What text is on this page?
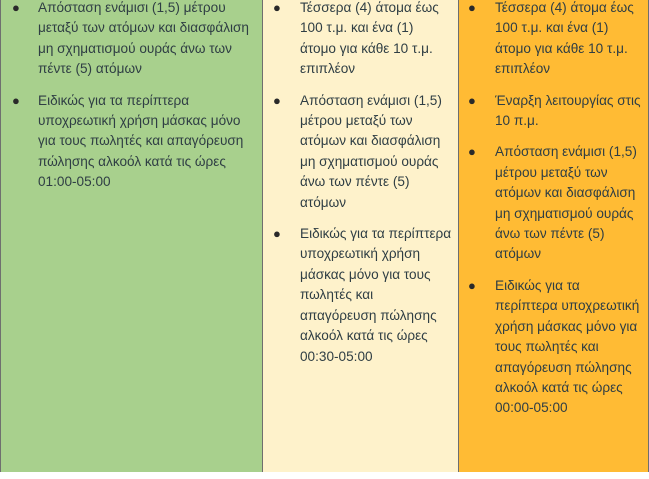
● Απόσταση ενάμισι (1,5) μέτρου μεταξύ των ατόμων και διασφάλιση μη σχηματισμού ουράς άνω των πέντε (5) ατόμων
● Ειδικώς για τα περίπτερα υποχρεωτική χρήση μάσκας μόνο για τους πωλητές και απαγόρευση πώλησης αλκοόλ κατά τις ώρες 01:00-05:00
● Τέσσερα (4) άτομα έως 100 τ.μ. και ένα (1) άτομο για κάθε 10 τ.μ. επιπλέον
● Απόσταση ενάμισι (1,5) μέτρου μεταξύ των ατόμων και διασφάλιση μη σχηματισμού ουράς άνω των πέντε (5) ατόμων
● Ειδικώς για τα περίπτερα υποχρεωτική χρήση μάσκας μόνο για τους πωλητές και απαγόρευση πώλησης αλκοόλ κατά τις ώρες 00:30-05:00
● Τέσσερα (4) άτομα έως 100 τ.μ. και ένα (1) άτομο για κάθε 10 τ.μ. επιπλέον
● Έναρξη λειτουργίας στις 10 π.μ.
● Απόσταση ενάμισι (1,5) μέτρου μεταξύ των ατόμων και διασφάλιση μη σχηματισμού ουράς άνω των πέντε (5) ατόμων
● Ειδικώς για τα περίπτερα υποχρεωτική χρήση μάσκας μόνο για τους πωλητές και απαγόρευση πώλησης αλκοόλ κατά τις ώρες 00:00-05:00
